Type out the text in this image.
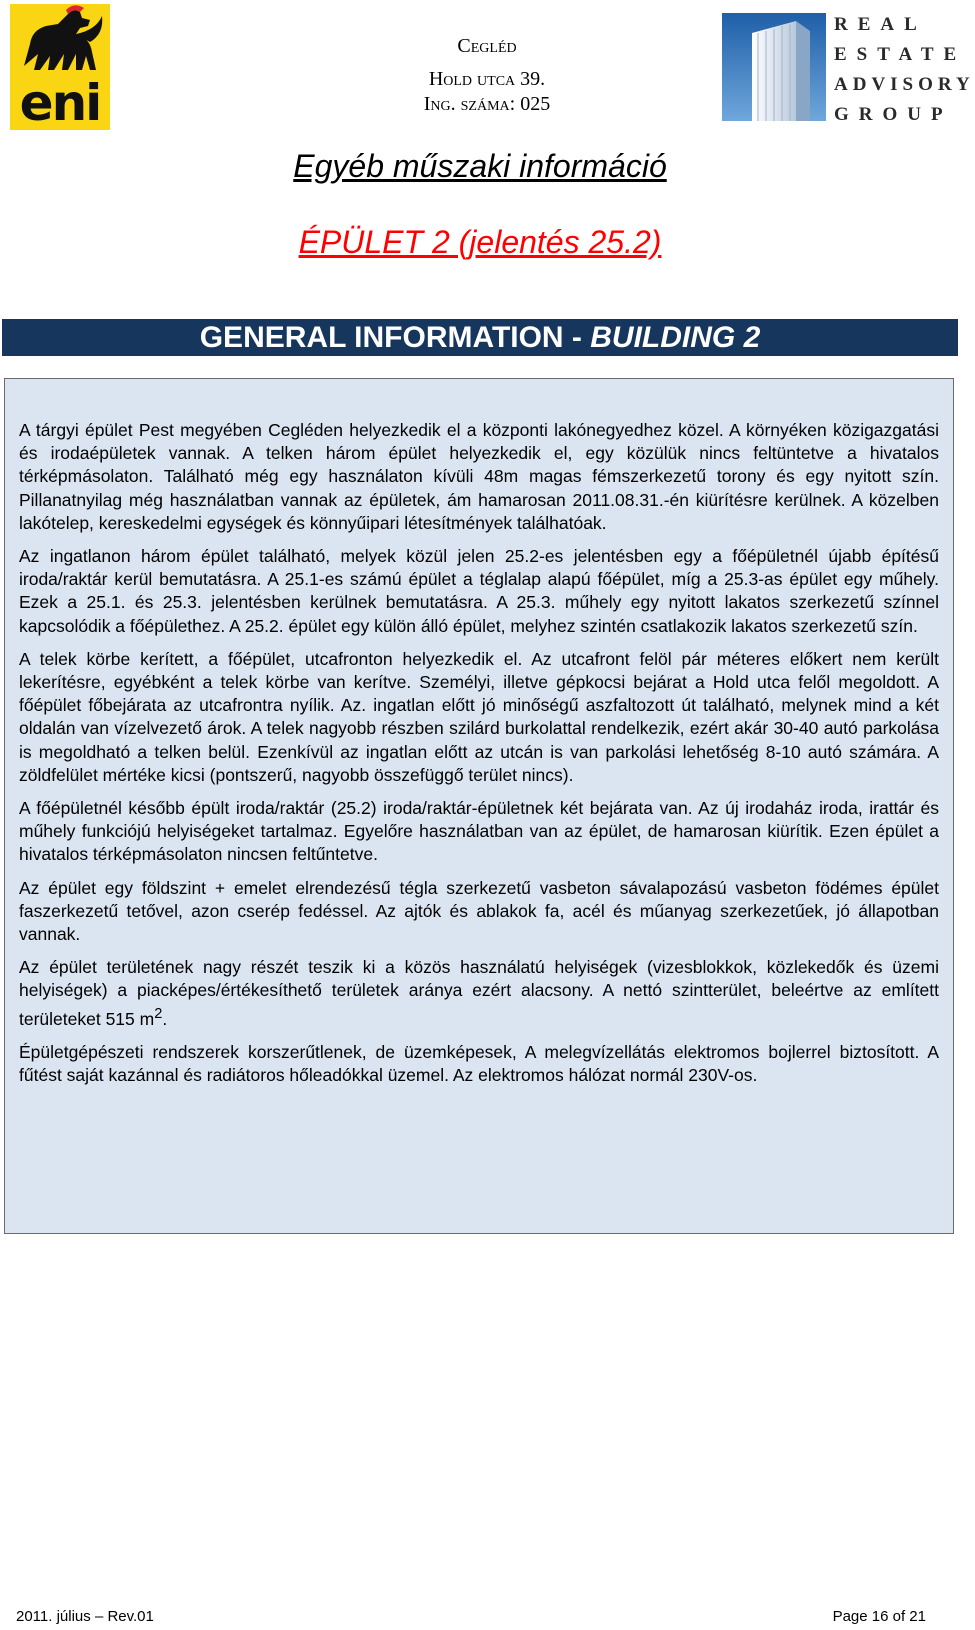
eni
Cegléd
Hold utca 39.
Ing. száma: 025
REAL
ESTATE
ADVISORY
GROUP
Egyéb műszaki információ
ÉPÜLET 2 (jelentés 25.2)
GENERAL INFORMATION - BUILDING 2

A tárgyi épület Pest megyében Cegléden helyezkedik el a központi lakónegyedhez közel. A környéken közigazgatási és irodaépületek vannak. A telken három épület helyezkedik el, egy közülük nincs feltüntetve a hivatalos térképmásolaton. Található még egy használaton kívüli 48m magas fémszerkezetű torony és egy nyitott szín. Pillanatnyilag még használatban vannak az épületek, ám hamarosan 2011.08.31.-én kiürítésre kerülnek. A közelben lakótelep, kereskedelmi egységek és könnyűipari létesítmények találhatóak.

Az ingatlanon három épület található, melyek közül jelen 25.2-es jelentésben egy a főépületnél újabb építésű iroda/raktár kerül bemutatásra. A 25.1-es számú épület a téglalap alapú főépület, míg a 25.3-as épület egy műhely. Ezek a 25.1. és 25.3. jelentésben kerülnek bemutatásra. A 25.3. műhely egy nyitott lakatos szerkezetű színnel kapcsolódik a főépülethez. A 25.2. épület egy külön álló épület, melyhez szintén csatlakozik lakatos szerkezetű szín.

A telek körbe kerített, a főépület, utcafronton helyezkedik el. Az utcafront felöl pár méteres előkert nem került lekerítésre, egyébként a telek körbe van kerítve. Személyi, illetve gépkocsi bejárat a Hold utca felől megoldott. A főépület főbejárata az utcafrontra nyílik. Az. ingatlan előtt jó minőségű aszfaltozott út található, melynek mind a két oldalán van vízelvezető árok. A telek nagyobb részben szilárd burkolattal rendelkezik, ezért akár 30-40 autó parkolása is megoldható a telken belül. Ezenkívül az ingatlan előtt az utcán is van parkolási lehetőség 8-10 autó számára. A zöldfelület mértéke kicsi (pontszerű, nagyobb összefüggő terület nincs).

A főépületnél később épült iroda/raktár (25.2) iroda/raktár-épületnek két bejárata van. Az új irodaház iroda, irattár és műhely funkciójú helyiségeket tartalmaz. Egyelőre használatban van az épület, de hamarosan kiürítik. Ezen épület a hivatalos térképmásolaton nincsen feltűntetve.

Az épület egy földszint + emelet elrendezésű tégla szerkezetű vasbeton sávalapozású vasbeton födémes épület faszerkezetű tetővel, azon cserép fedéssel. Az ajtók és ablakok fa, acél és műanyag szerkezetűek, jó állapotban vannak.

Az épület területének nagy részét teszik ki a közös használatú helyiségek (vizesblokkok, közlekedők és üzemi helyiségek) a piacképes/értékesíthető területek aránya ezért alacsony. A nettó szintterület, beleértve az említett területeket 515 $m^2$.

Épületgépészeti rendszerek korszerűtlenek, de üzemképesek, A melegvízellátás elektromos bojlerrel biztosított. A fűtést saját kazánnal és radiátoros hőleadókkal üzemel. Az elektromos hálózat normál 230V-os.

2011. július – Rev.01	Page 16 of 21
